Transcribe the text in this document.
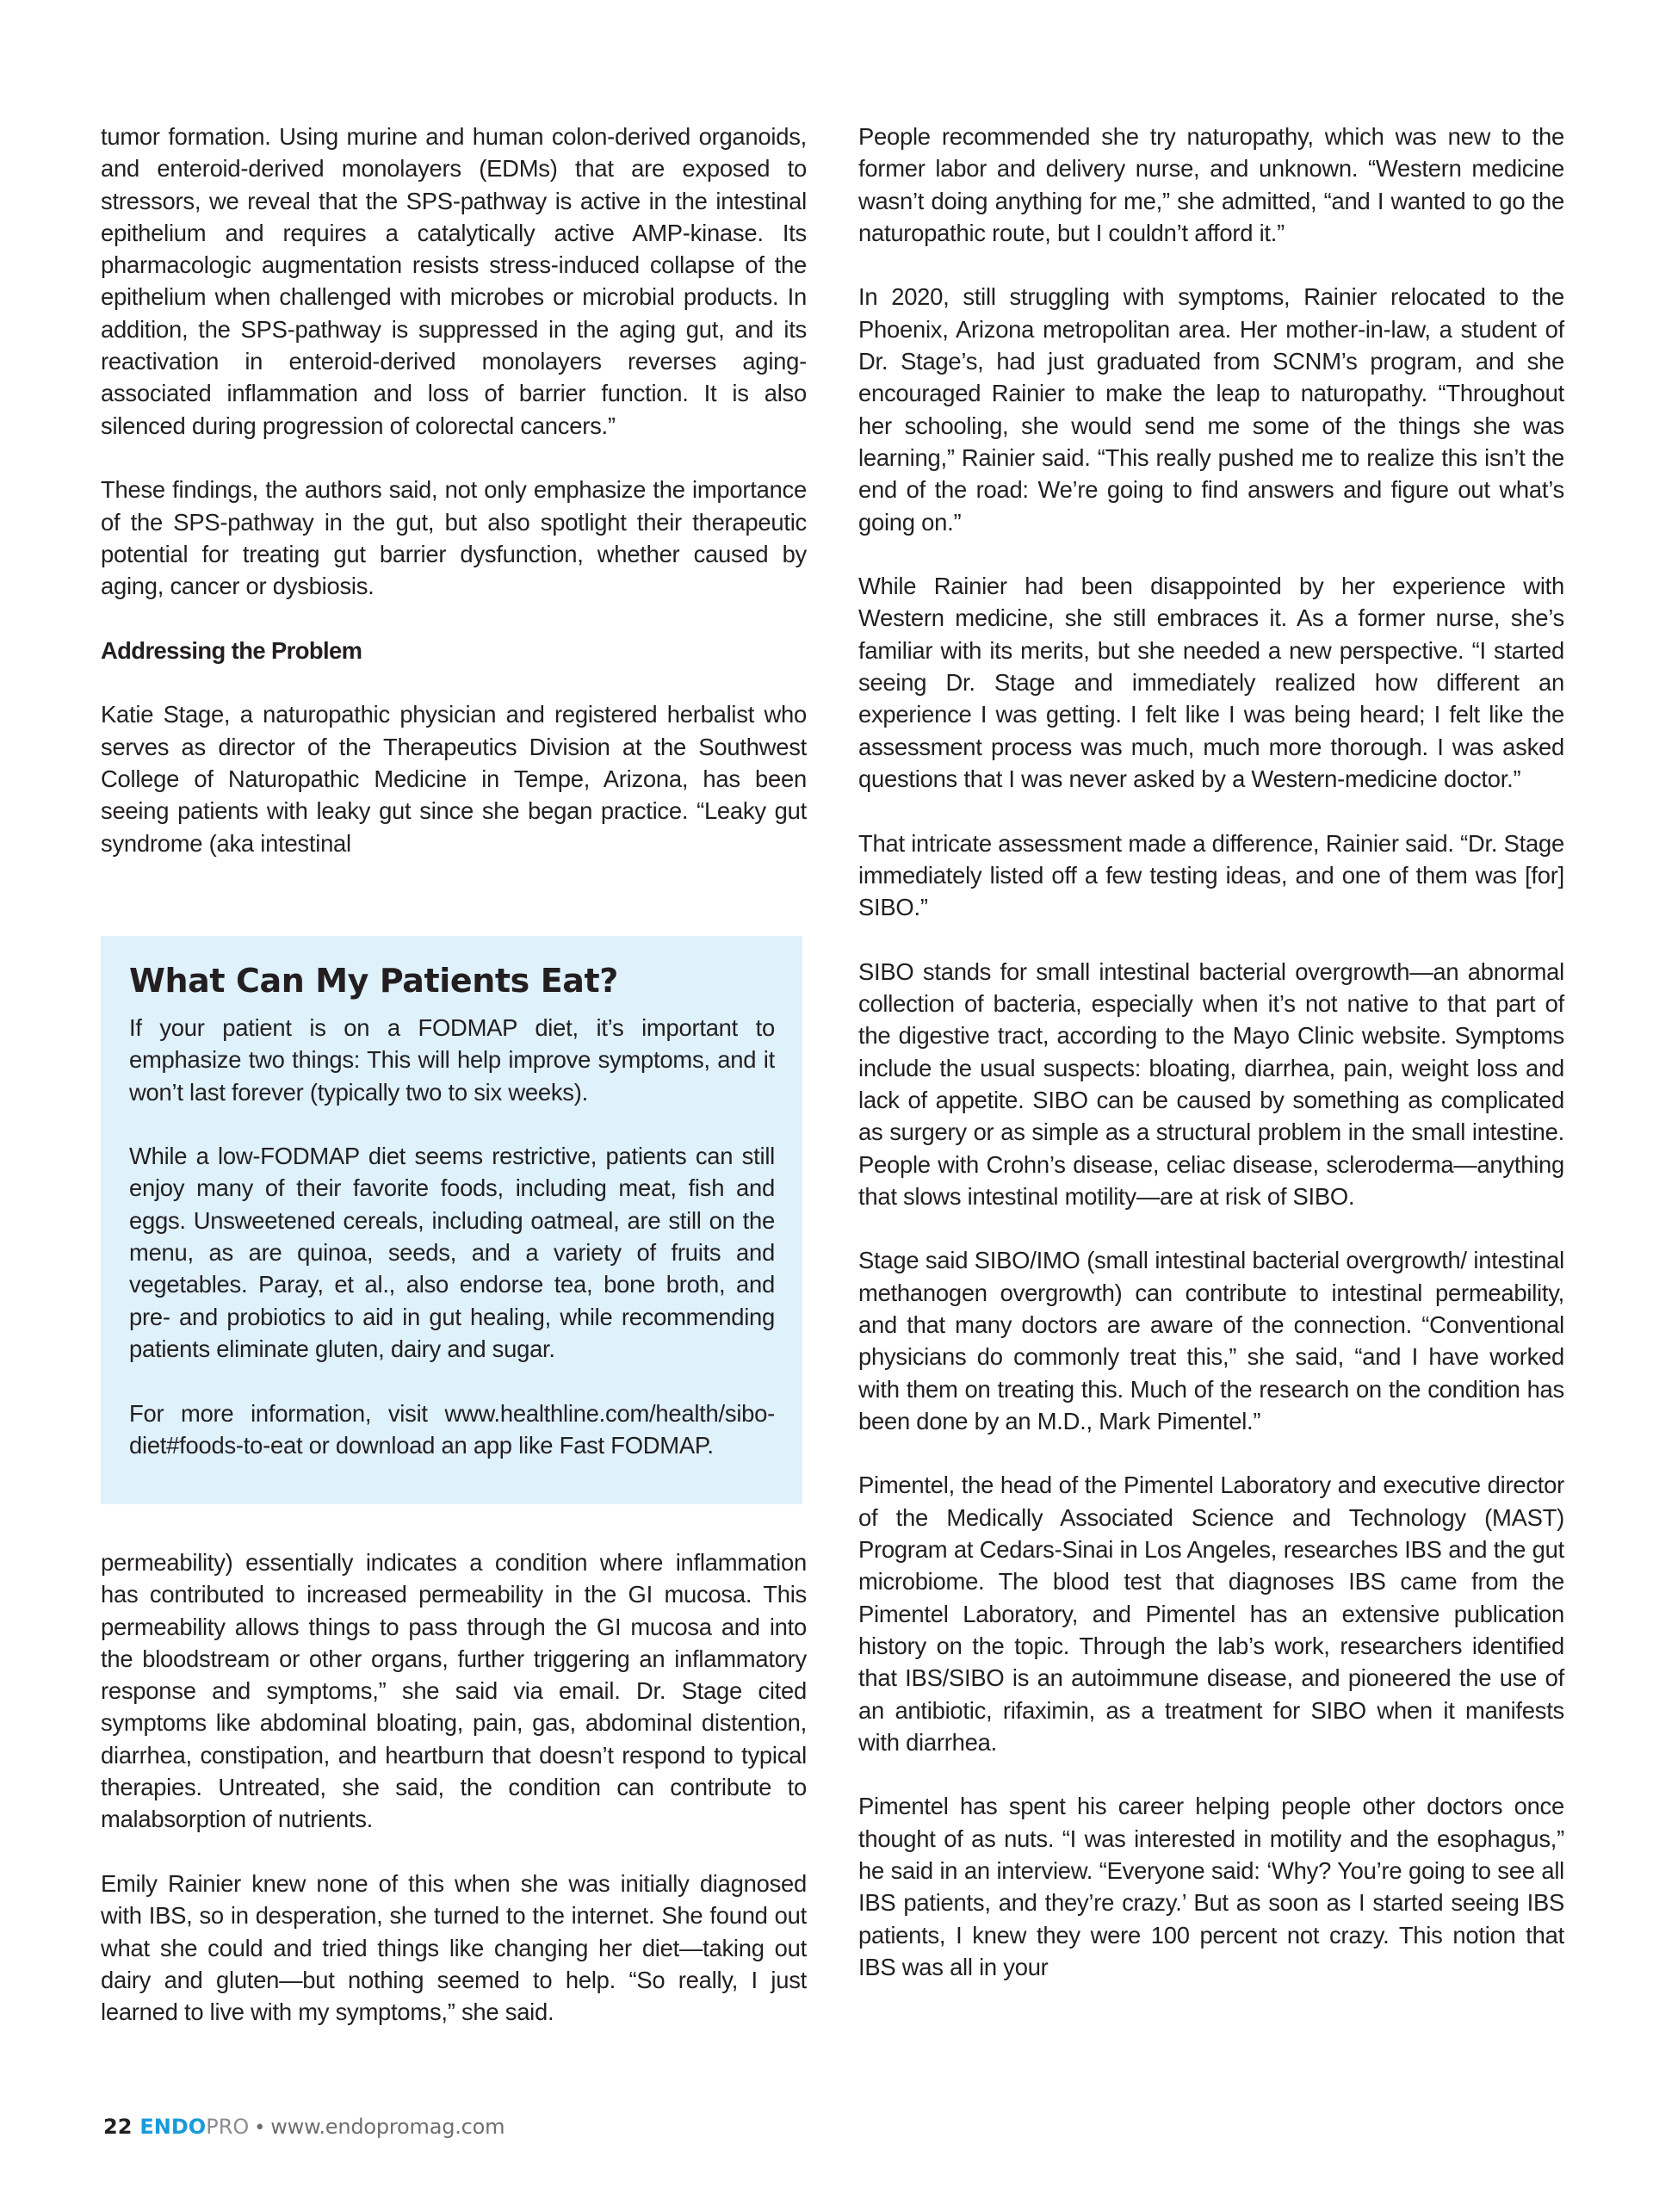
tumor formation. Using murine and human colon-derived organoids, and enteroid-derived monolayers (EDMs) that are exposed to stressors, we reveal that the SPS-pathway is active in the intestinal epithelium and requires a catalytically active AMP-kinase. Its pharmacologic augmentation resists stress-induced collapse of the epithelium when challenged with microbes or microbial products. In addition, the SPS-pathway is suppressed in the aging gut, and its reactivation in enteroid-derived monolayers reverses aging-associated inflammation and loss of barrier function. It is also silenced during progression of colorectal cancers.”

These findings, the authors said, not only emphasize the importance of the SPS-pathway in the gut, but also spotlight their therapeutic potential for treating gut barrier dysfunction, whether caused by aging, cancer or dysbiosis.

Addressing the Problem

Katie Stage, a naturopathic physician and registered herbalist who serves as director of the Therapeutics Division at the Southwest College of Naturopathic Medicine in Tempe, Arizona, has been seeing patients with leaky gut since she began practice. “Leaky gut syndrome (aka intestinal

What Can My Patients Eat?

If your patient is on a FODMAP diet, it’s important to emphasize two things: This will help improve symptoms, and it won’t last forever (typically two to six weeks).

While a low-FODMAP diet seems restrictive, patients can still enjoy many of their favorite foods, including meat, fish and eggs. Unsweetened cereals, including oatmeal, are still on the menu, as are quinoa, seeds, and a variety of fruits and vegetables. Paray, et al., also endorse tea, bone broth, and pre- and probiotics to aid in gut healing, while recommending patients eliminate gluten, dairy and sugar.

For more information, visit www.healthline.com/health/sibo-diet#foods-to-eat or download an app like Fast FODMAP.

permeability) essentially indicates a condition where inflammation has contributed to increased permeability in the GI mucosa. This permeability allows things to pass through the GI mucosa and into the bloodstream or other organs, further triggering an inflammatory response and symptoms,” she said via email. Dr. Stage cited symptoms like abdominal bloating, pain, gas, abdominal distention, diarrhea, constipation, and heartburn that doesn’t respond to typical therapies. Untreated, she said, the condition can contribute to malabsorption of nutrients.

Emily Rainier knew none of this when she was initially diagnosed with IBS, so in desperation, she turned to the internet. She found out what she could and tried things like changing her diet—taking out dairy and gluten—but nothing seemed to help. “So really, I just learned to live with my symptoms,” she said.

People recommended she try naturopathy, which was new to the former labor and delivery nurse, and unknown. “Western medicine wasn’t doing anything for me,” she admitted, “and I wanted to go the naturopathic route, but I couldn’t afford it.”

In 2020, still struggling with symptoms, Rainier relocated to the Phoenix, Arizona metropolitan area. Her mother-in-law, a student of Dr. Stage’s, had just graduated from SCNM’s program, and she encouraged Rainier to make the leap to naturopathy. “Throughout her schooling, she would send me some of the things she was learning,” Rainier said. “This really pushed me to realize this isn’t the end of the road: We’re going to find answers and figure out what’s going on.”

While Rainier had been disappointed by her experience with Western medicine, she still embraces it. As a former nurse, she’s familiar with its merits, but she needed a new perspective. “I started seeing Dr. Stage and immediately realized how different an experience I was getting. I felt like I was being heard; I felt like the assessment process was much, much more thorough. I was asked questions that I was never asked by a Western-medicine doctor.”

That intricate assessment made a difference, Rainier said. “Dr. Stage immediately listed off a few testing ideas, and one of them was [for] SIBO.”

SIBO stands for small intestinal bacterial overgrowth—an abnormal collection of bacteria, especially when it’s not native to that part of the digestive tract, according to the Mayo Clinic website. Symptoms include the usual suspects: bloating, diarrhea, pain, weight loss and lack of appetite. SIBO can be caused by something as complicated as surgery or as simple as a structural problem in the small intestine. People with Crohn’s disease, celiac disease, scleroderma—anything that slows intestinal motility—are at risk of SIBO.

Stage said SIBO/IMO (small intestinal bacterial overgrowth/ intestinal methanogen overgrowth) can contribute to intestinal permeability, and that many doctors are aware of the connection. “Conventional physicians do commonly treat this,” she said, “and I have worked with them on treating this. Much of the research on the condition has been done by an M.D., Mark Pimentel.”

Pimentel, the head of the Pimentel Laboratory and executive director of the Medically Associated Science and Technology (MAST) Program at Cedars-Sinai in Los Angeles, researches IBS and the gut microbiome. The blood test that diagnoses IBS came from the Pimentel Laboratory, and Pimentel has an extensive publication history on the topic. Through the lab’s work, researchers identified that IBS/SIBO is an autoimmune disease, and pioneered the use of an antibiotic, rifaximin, as a treatment for SIBO when it manifests with diarrhea.

Pimentel has spent his career helping people other doctors once thought of as nuts. “I was interested in motility and the esophagus,” he said in an interview. “Everyone said: ‘Why? You’re going to see all IBS patients, and they’re crazy.’ But as soon as I started seeing IBS patients, I knew they were 100 percent not crazy. This notion that IBS was all in your

22 ENDO PRO • www.endopromag.com
